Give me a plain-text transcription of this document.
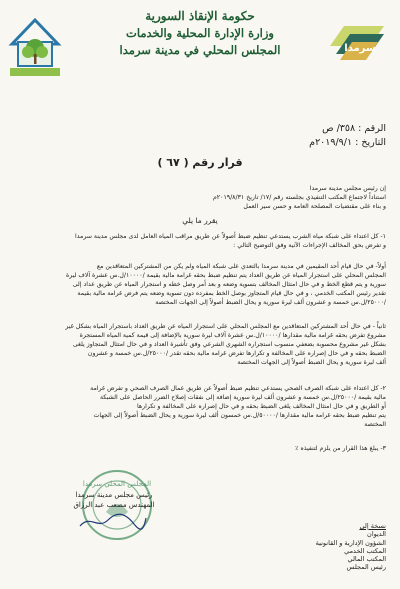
سرمدا
حكومة الإنقاذ السورية
وزارة الإدارة المحلية والخدمات
المجلس المحلي في مدينة سرمدا
الرقم : ٣٥٨/ ص
التاريخ : ٢٠١٩/٩/١م
قرار رقم ( ٦٧ )
إن رئيس مجلس مدينة سرمدا
استناداً لاجتماع المكتب التنفيذي بجلسته رقم /١٧/ تاريخ ٢٠١٩/٨/٣١م
و بناء على مقتضيات المصلحة العامة و حسن سير العمل
يقرر ما يلي
١- كل اعتداء على شبكة مياه الشرب يستدعي تنظيم ضبط أصولاً عن طريق مراقب المياه العامل لدى مجلس مدينة سرمدا
و تفرض بحق المخالف الإجراءات الآتية وفق التوضيح التالي :
أولاً- في حال قيام أحد المقيمين في مدينة سرمدا بالتعدي على شبكة المياه ولم يكن من المشتركين المتعاقدين مع
المجلس المحلي على استجرار المياه عن طريق العداد يتم تنظيم ضبط بحقه غرامة مالية بقيمة /١٠٠٠٠/ل.س عشرة آلاف ليرة
سورية و يتم قطع الخط و في حال امتثال المخالف بتسوية وضعه و بعد أمر وصل خطه و استجرار المياه عن طريق عداد إلى
تقدير رئيس المكتب الخدمي ، و في حال قيام المتجاوز بوصل الخط بمفرده دون تسوية وضعه يتم فرض غرامة مالية بقيمة
/٢٥٠٠٠/ل.س خمسة و عشرون ألف ليرة سورية و يحال الضبط أصولاً إلى الجهات المختصة
ثانياً - في حال أحد المشتركين المتعاقدين مع المجلس المحلي على استجرار المياه عن طريق العداد باستجرار المياه بشكل غير
مشروع تفرض بحقه غرامة مالية مقدارها /١٠٠٠٠/ل.س عشرة آلاف ليرة سورية بالإضافة إلى قيمة كمية المياه المستجرة
بشكل غير مشروع محسوبة بضعفي منسوب استجراره الشهري الشرعي وفق تأشيرة العداد و في حال امتثال المتجاوز يلغى
الضبط بحقه و في حال إصراره على المخالفة و تكرارها تفرض غرامة مالية بحقه تقدر /٢٥٠٠٠/ل.س خمسة و عشرون
ألف ليرة سورية و يحال الضبط أصولاً إلى الجهات المختصة
٢- كل اعتداء على شبكة الصرف الصحي يستدعي تنظيم ضبط أصولاً عن طريق عمال الصرف الصحي و تفرض غرامة
مالية بقيمة /٢٥٠٠٠/ل.س خمسة و عشرون ألف ليرة سورية إضافة إلى نفقات إصلاح الضرر الحاصل على الشبكة
أو الطريق و في حال امتثال المخالف يلغى الضبط بحقه و في حال إصراره على المخالفة و تكرارها
يتم تنظيم ضبط بحقه غرامة مالية مقدارها /٥٠٠٠٠/ل.س خمسون ألف ليرة سورية و يحال الضبط أصولاً إلى الجهات
المختصة
٣- يبلغ هذا القرار من يلزم لتنفيذه ٪
المجلس المحلي سرمدا
رئيس مجلس مدينة سرمدا
المهندس مصعب عبد الرزاق
نسخة إلى
الديوان
الشؤون الإدارية و القانونية
المكتب الخدمي
المكتب المالي
رئيس المجلس
